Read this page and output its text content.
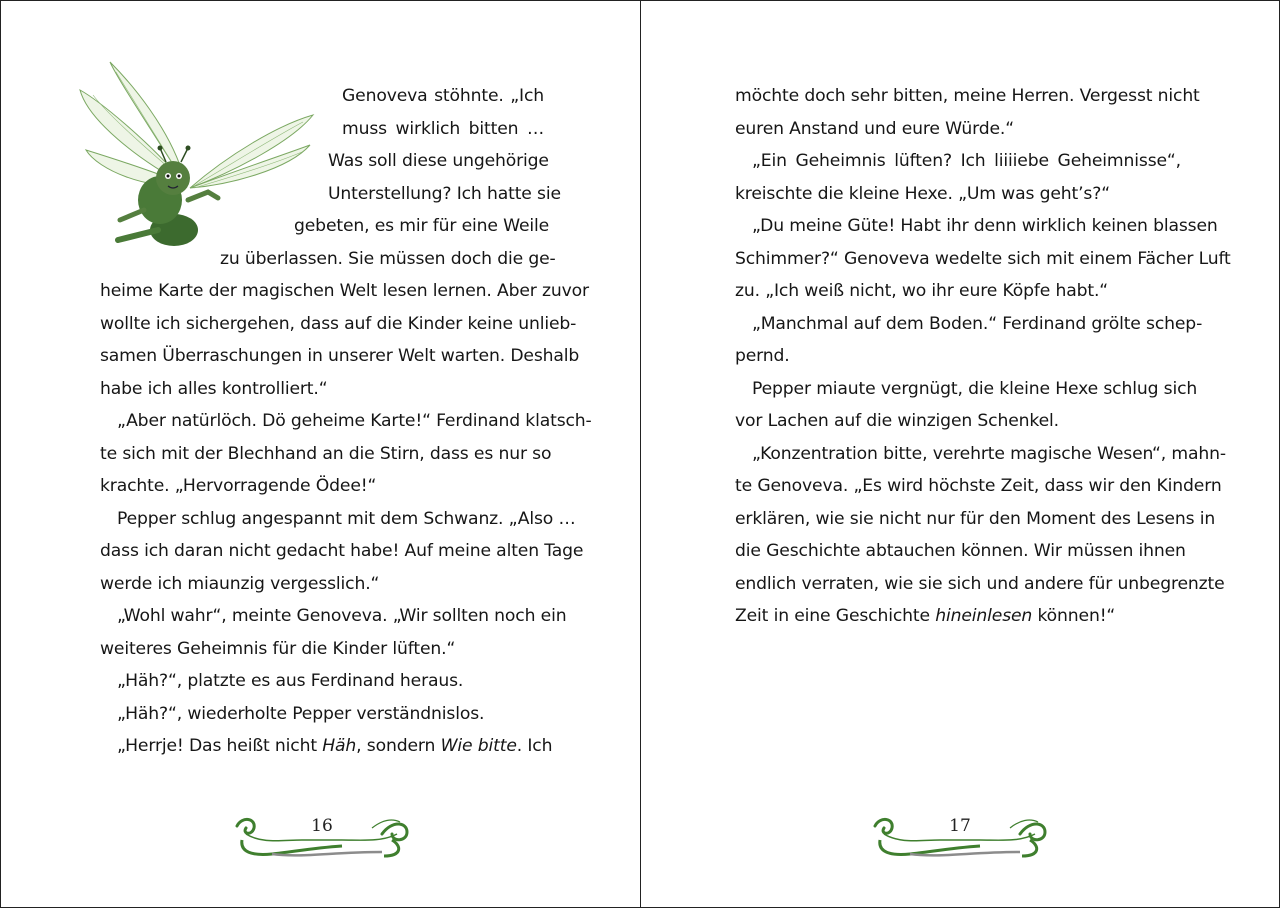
Genoveva stöhnte. „Ich
muss wirklich bitten …
Was soll diese ungehörige
Unterstellung? Ich hatte sie
gebeten, es mir für eine Weile
zu überlassen. Sie müssen doch die ge-
heime Karte der magischen Welt lesen lernen. Aber zuvor
wollte ich sichergehen, dass auf die Kinder keine unlieb-
samen Überraschungen in unserer Welt warten. Deshalb
habe ich alles kontrolliert.“
„Aber natürlöch. Dö geheime Karte!“ Ferdinand klatsch-
te sich mit der Blechhand an die Stirn, dass es nur so
krachte. „Hervorragende Ödee!“
Pepper schlug angespannt mit dem Schwanz. „Also …
dass ich daran nicht gedacht habe! Auf meine alten Tage
werde ich miaunzig vergesslich.“
„Wohl wahr“, meinte Genoveva. „Wir sollten noch ein
weiteres Geheimnis für die Kinder lüften.“
„Häh?“, platzte es aus Ferdinand heraus.
„Häh?“, wiederholte Pepper verständnislos.
„Herrje! Das heißt nicht Häh, sondern Wie bitte. Ich
möchte doch sehr bitten, meine Herren. Vergesst nicht
euren Anstand und eure Würde.“
„Ein Geheimnis lüften? Ich liiiiebe Geheimnisse“,
kreischte die kleine Hexe. „Um was geht’s?“
„Du meine Güte! Habt ihr denn wirklich keinen blassen
Schimmer?“ Genoveva wedelte sich mit einem Fächer Luft
zu. „Ich weiß nicht, wo ihr eure Köpfe habt.“
„Manchmal auf dem Boden.“ Ferdinand grölte schep-
pernd.
Pepper miaute vergnügt, die kleine Hexe schlug sich
vor Lachen auf die winzigen Schenkel.
„Konzentration bitte, verehrte magische Wesen“, mahn-
te Genoveva. „Es wird höchste Zeit, dass wir den Kindern
erklären, wie sie nicht nur für den Moment des Lesens in
die Geschichte abtauchen können. Wir müssen ihnen
endlich verraten, wie sie sich und andere für unbegrenzte
Zeit in eine Geschichte hineinlesen können!“
16	17
